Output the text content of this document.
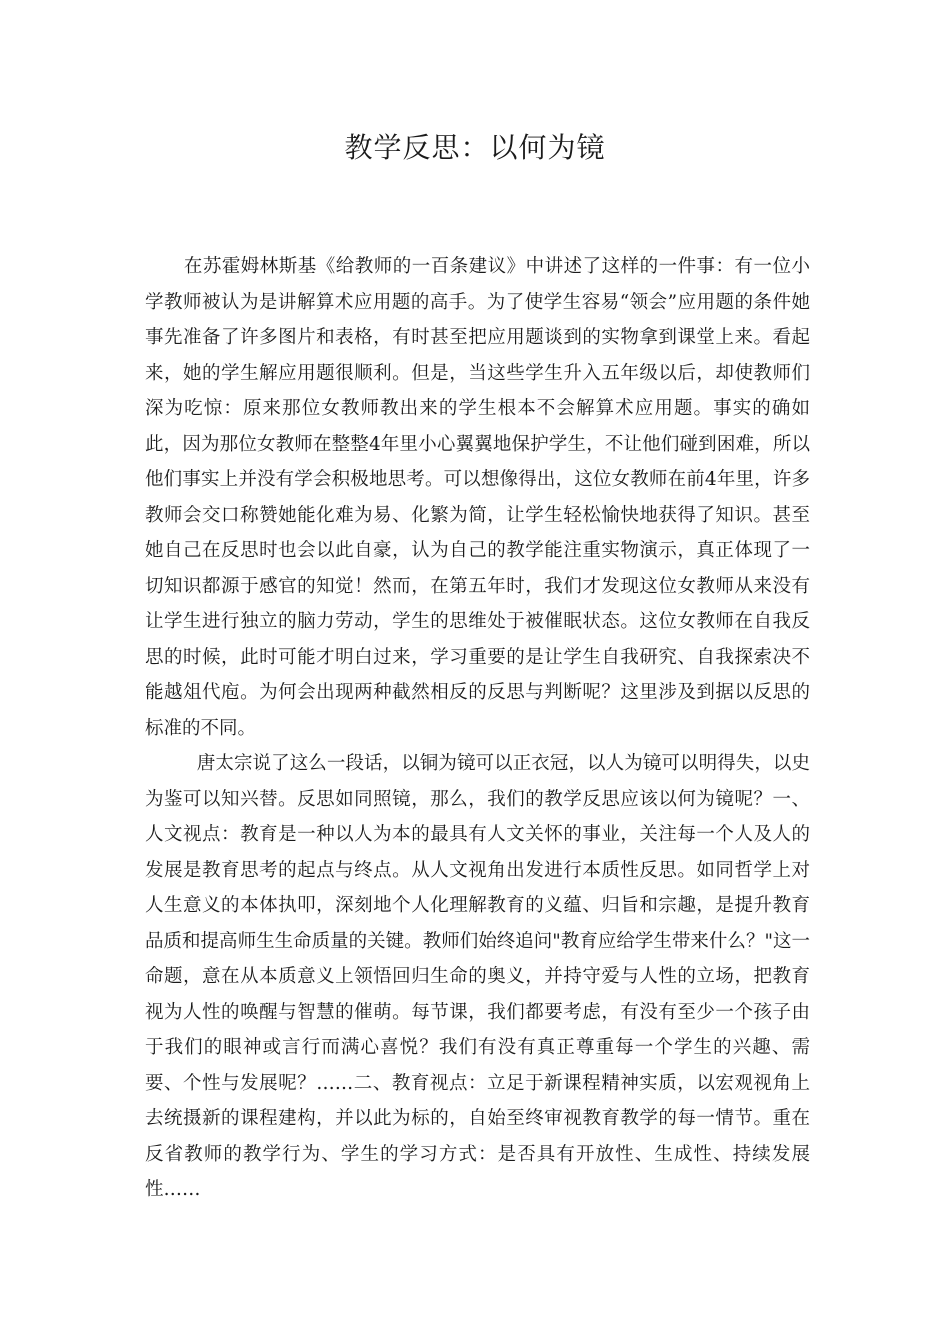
教学反思：以何为镜

在苏霍姆林斯基《给教师的一百条建议》中讲述了这样的一件事：有一位小学教师被认为是讲解算术应用题的高手。为了使学生容易“领会”应用题的条件她事先准备了许多图片和表格，有时甚至把应用题谈到的实物拿到课堂上来。看起来，她的学生解应用题很顺利。但是，当这些学生升入五年级以后，却使教师们深为吃惊：原来那位女教师教出来的学生根本不会解算术应用题。事实的确如此，因为那位女教师在整整4年里小心翼翼地保护学生，不让他们碰到困难，所以他们事实上并没有学会积极地思考。可以想像得出，这位女教师在前4年里，许多教师会交口称赞她能化难为易、化繁为简，让学生轻松愉快地获得了知识。甚至她自己在反思时也会以此自豪，认为自己的教学能注重实物演示，真正体现了一切知识都源于感官的知觉！然而，在第五年时，我们才发现这位女教师从来没有让学生进行独立的脑力劳动，学生的思维处于被催眠状态。这位女教师在自我反思的时候，此时可能才明白过来，学习重要的是让学生自我研究、自我探索决不能越俎代庖。为何会出现两种截然相反的反思与判断呢？这里涉及到据以反思的标准的不同。

唐太宗说了这么一段话，以铜为镜可以正衣冠，以人为镜可以明得失，以史为鉴可以知兴替。反思如同照镜，那么，我们的教学反思应该以何为镜呢？一、人文视点：教育是一种以人为本的最具有人文关怀的事业，关注每一个人及人的发展是教育思考的起点与终点。从人文视角出发进行本质性反思。如同哲学上对人生意义的本体执叩，深刻地个人化理解教育的义蕴、归旨和宗趣，是提升教育品质和提高师生生命质量的关键。教师们始终追问"教育应给学生带来什么？"这一命题，意在从本质意义上领悟回归生命的奥义，并持守爱与人性的立场，把教育视为人性的唤醒与智慧的催萌。每节课，我们都要考虑，有没有至少一个孩子由于我们的眼神或言行而满心喜悦？我们有没有真正尊重每一个学生的兴趣、需要、个性与发展呢？……二、教育视点：立足于新课程精神实质，以宏观视角上去统摄新的课程建构，并以此为标的，自始至终审视教育教学的每一情节。重在反省教师的教学行为、学生的学习方式：是否具有开放性、生成性、持续发展性……
